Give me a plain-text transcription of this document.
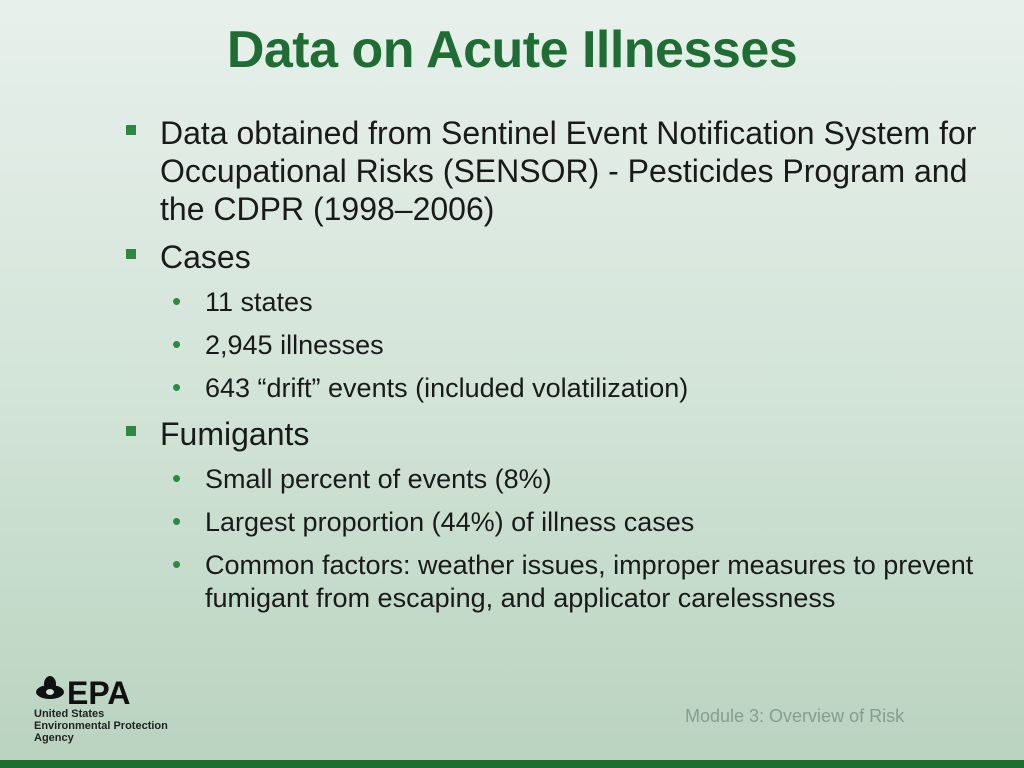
Data on Acute Illnesses
Data obtained from Sentinel Event Notification System for Occupational Risks (SENSOR) - Pesticides Program and the CDPR (1998–2006)
Cases
• 11 states
• 2,945 illnesses
• 643 “drift” events (included volatilization)
Fumigants
• Small percent of events (8%)
• Largest proportion (44%) of illness cases
• Common factors: weather issues, improper measures to prevent fumigant from escaping, and applicator carelessness
EPA
United States
Environmental Protection
Agency
Module 3: Overview of Risk
